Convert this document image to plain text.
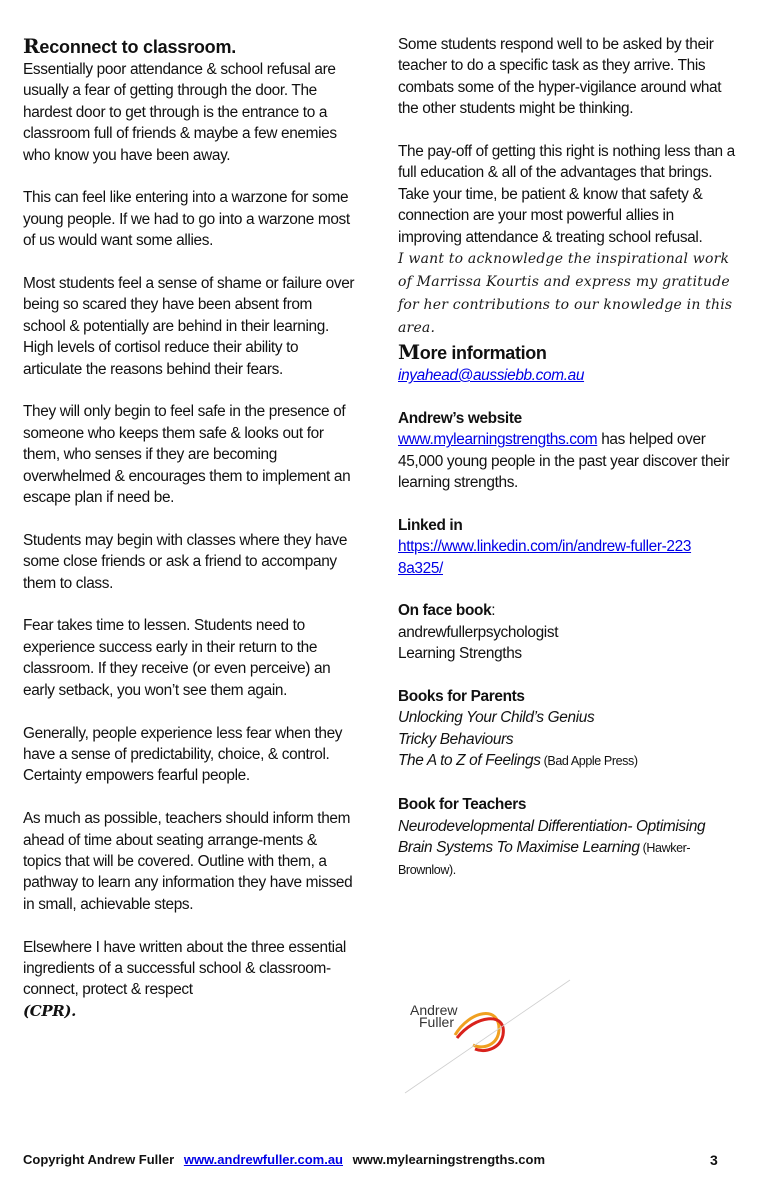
Reconnect to classroom.

Essentially poor attendance & school refusal are usually a fear of getting through the door. The hardest door to get through is the entrance to a classroom full of friends & maybe a few enemies who know you have been away.

This can feel like entering into a warzone for some young people. If we had to go into a warzone most of us would want some allies.

Most students feel a sense of shame or failure over being so scared they have been absent from school & potentially are behind in their learning. High levels of cortisol reduce their ability to articulate the reasons behind their fears.

They will only begin to feel safe in the presence of someone who keeps them safe & looks out for them, who senses if they are becoming overwhelmed & encourages them to implement an escape plan if need be.

Students may begin with classes where they have some close friends or ask a friend to accompany them to class.

Fear takes time to lessen. Students need to experience success early in their return to the classroom. If they receive (or even perceive) an early setback, you won’t see them again.

Generally, people experience less fear when they have a sense of predictability, choice, & control. Certainty empowers fearful people.

As much as possible, teachers should inform them ahead of time about seating arrange-ments & topics that will be covered. Outline with them, a pathway to learn any information they have missed in small, achievable steps.

Elsewhere I have written about the three essential ingredients of a successful school & classroom- connect, protect & respect
(CPR).

Some students respond well to be asked by their teacher to do a specific task as they arrive. This combats some of the hyper-vigilance around what the other students might be thinking.

The pay-off of getting this right is nothing less than a full education & all of the advantages that brings. Take your time, be patient & know that safety & connection are your most powerful allies in improving attendance & treating school refusal.

I want to acknowledge the inspirational work of Marrissa Kourtis and express my gratitude for her contributions to our knowledge in this area.

More information

inyahead@aussiebb.com.au

Andrew’s website

www.mylearningstrengths.com has helped over 45,000 young people in the past year discover their learning strengths.

Linked in

https://www.linkedin.com/in/andrew-fuller-2238a325/

On face book:

andrewfullerpsychologist

Learning Strengths

Books for Parents

Unlocking Your Child’s Genius

Tricky Behaviours

The A to Z of Feelings (Bad Apple Press)

Book for Teachers

Neurodevelopmental Differentiation- Optimising Brain Systems To Maximise Learning (Hawker-Brownlow).

Andrew
Fuller
Copyright Andrew Fuller www.andrewfuller.com.au www.mylearningstrengths.com	3
